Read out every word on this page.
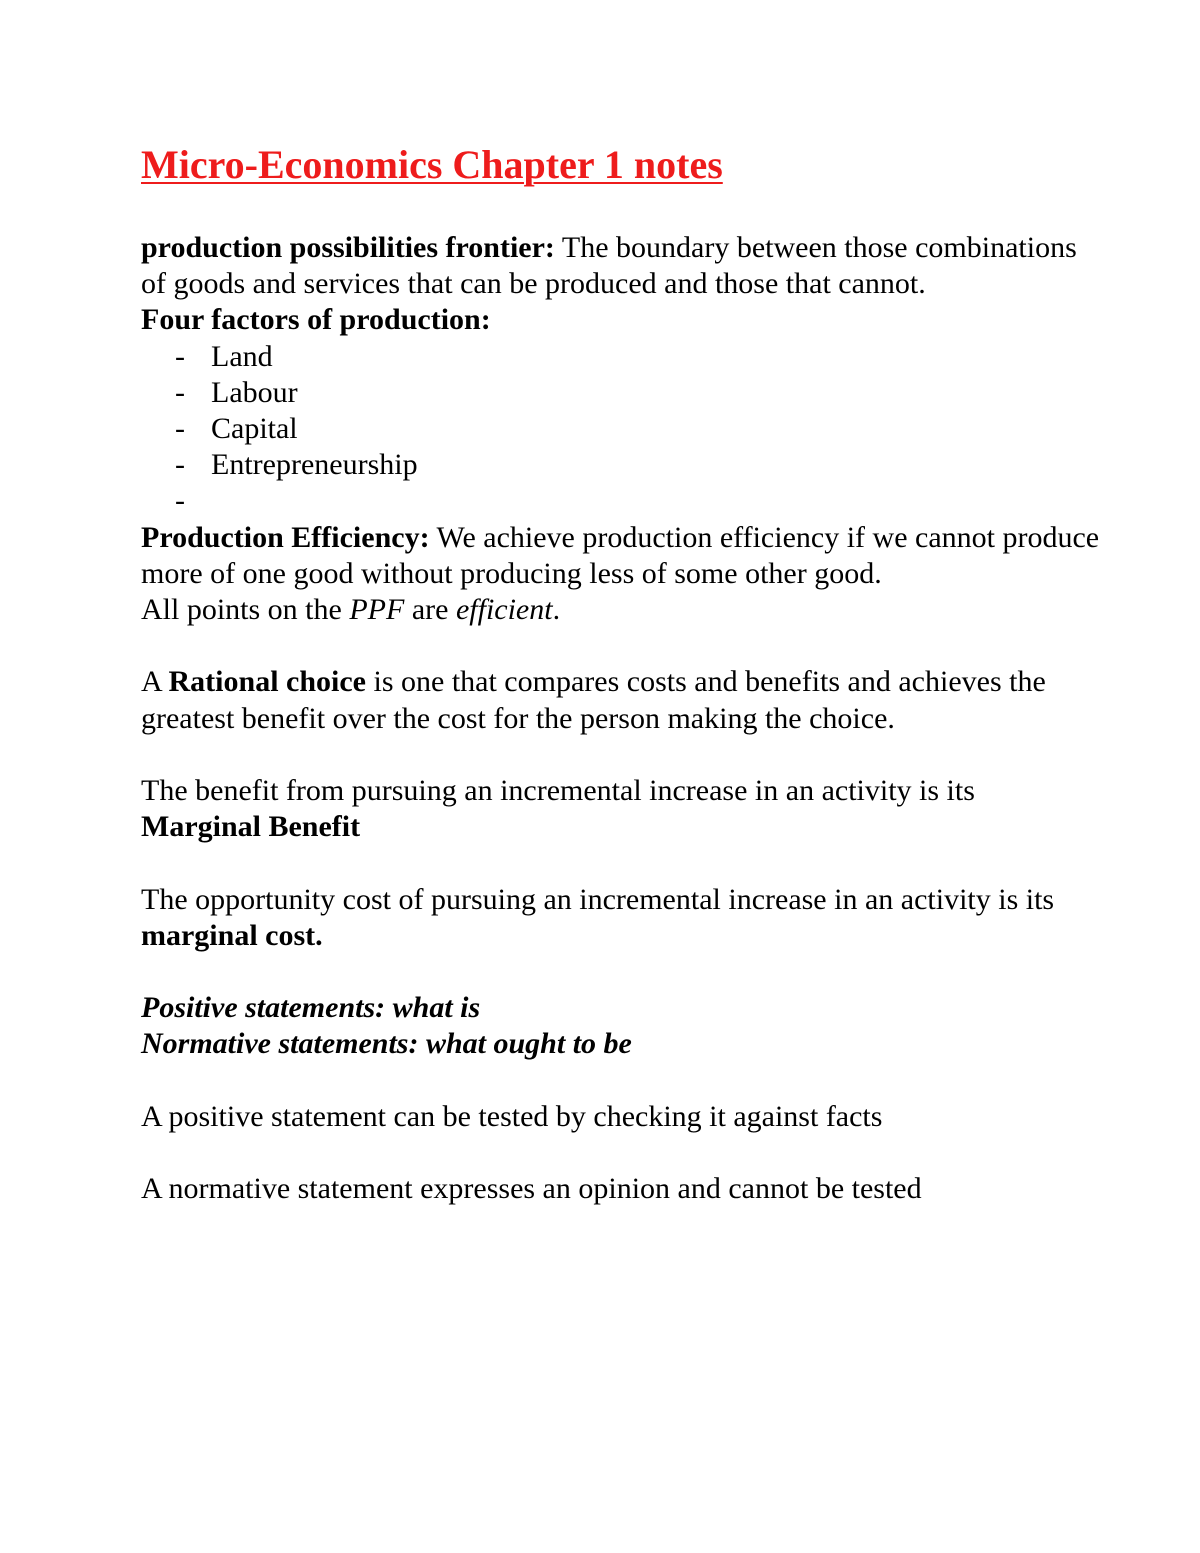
Micro-Economics Chapter 1 notes

production possibilities frontier: The boundary between those combinations of goods and services that can be produced and those that cannot.

Four factors of production:

- Land
- Labour
- Capital
- Entrepreneurship
-

Production Efficiency: We achieve production efficiency if we cannot produce more of one good without producing less of some other good.

All points on the PPF are efficient.

A Rational choice is one that compares costs and benefits and achieves the greatest benefit over the cost for the person making the choice.

The benefit from pursuing an incremental increase in an activity is its

Marginal Benefit

The opportunity cost of pursuing an incremental increase in an activity is its marginal cost.

Positive statements: what is

Normative statements: what ought to be

A positive statement can be tested by checking it against facts

A normative statement expresses an opinion and cannot be tested
